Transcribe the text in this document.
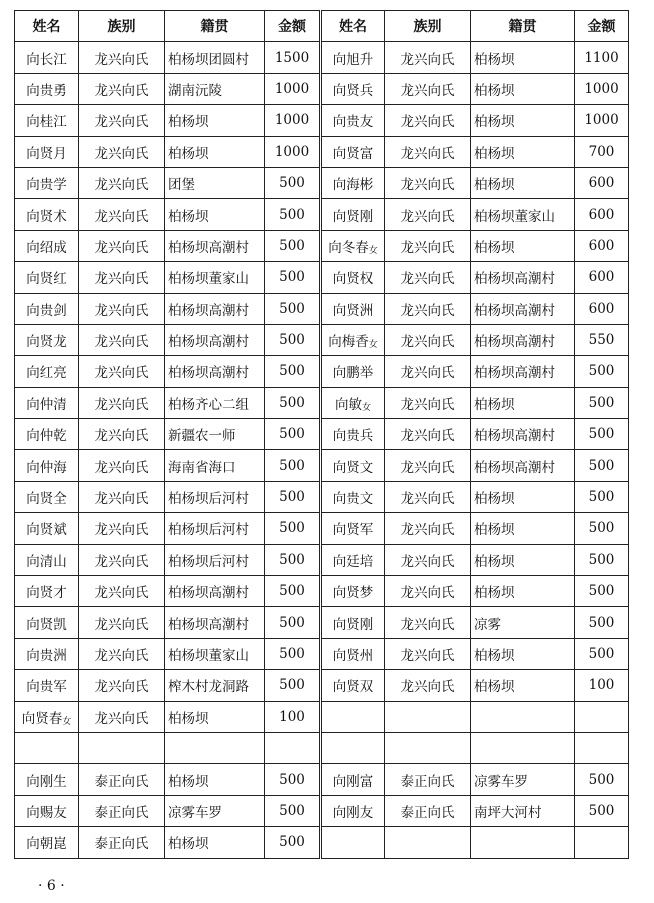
姓名	族别	籍贯	金额	姓名	族别	籍贯	金额
向长江	龙兴向氏	柏杨坝团圆村	1500	向旭升	龙兴向氏	柏杨坝	1100
向贵勇	龙兴向氏	湖南沅陵	1000	向贤兵	龙兴向氏	柏杨坝	1000
向桂江	龙兴向氏	柏杨坝	1000	向贵友	龙兴向氏	柏杨坝	1000
向贤月	龙兴向氏	柏杨坝	1000	向贤富	龙兴向氏	柏杨坝	700
向贵学	龙兴向氏	团堡	500	向海彬	龙兴向氏	柏杨坝	600
向贤术	龙兴向氏	柏杨坝	500	向贤刚	龙兴向氏	柏杨坝董家山	600
向绍成	龙兴向氏	柏杨坝高潮村	500	向冬春女	龙兴向氏	柏杨坝	600
向贤红	龙兴向氏	柏杨坝董家山	500	向贤权	龙兴向氏	柏杨坝高潮村	600
向贵剑	龙兴向氏	柏杨坝高潮村	500	向贤洲	龙兴向氏	柏杨坝高潮村	600
向贤龙	龙兴向氏	柏杨坝高潮村	500	向梅香女	龙兴向氏	柏杨坝高潮村	550
向红亮	龙兴向氏	柏杨坝高潮村	500	向鹏举	龙兴向氏	柏杨坝高潮村	500
向仲清	龙兴向氏	柏杨齐心二组	500	向敏女	龙兴向氏	柏杨坝	500
向仲乾	龙兴向氏	新疆农一师	500	向贵兵	龙兴向氏	柏杨坝高潮村	500
向仲海	龙兴向氏	海南省海口	500	向贤文	龙兴向氏	柏杨坝高潮村	500
向贤全	龙兴向氏	柏杨坝后河村	500	向贵文	龙兴向氏	柏杨坝	500
向贤斌	龙兴向氏	柏杨坝后河村	500	向贤军	龙兴向氏	柏杨坝	500
向清山	龙兴向氏	柏杨坝后河村	500	向廷培	龙兴向氏	柏杨坝	500
向贤才	龙兴向氏	柏杨坝高潮村	500	向贤梦	龙兴向氏	柏杨坝	500
向贤凯	龙兴向氏	柏杨坝高潮村	500	向贤刚	龙兴向氏	凉雾	500
向贵洲	龙兴向氏	柏杨坝董家山	500	向贤州	龙兴向氏	柏杨坝	500
向贵军	龙兴向氏	榨木村龙洞路	500	向贤双	龙兴向氏	柏杨坝	100
向贤春女	龙兴向氏	柏杨坝	100				

向刚生	泰正向氏	柏杨坝	500	向刚富	泰正向氏	凉雾车罗	500
向赐友	泰正向氏	凉雾车罗	500	向刚友	泰正向氏	南坪大河村	500
向朝崑	泰正向氏	柏杨坝	500				
· 6 ·
